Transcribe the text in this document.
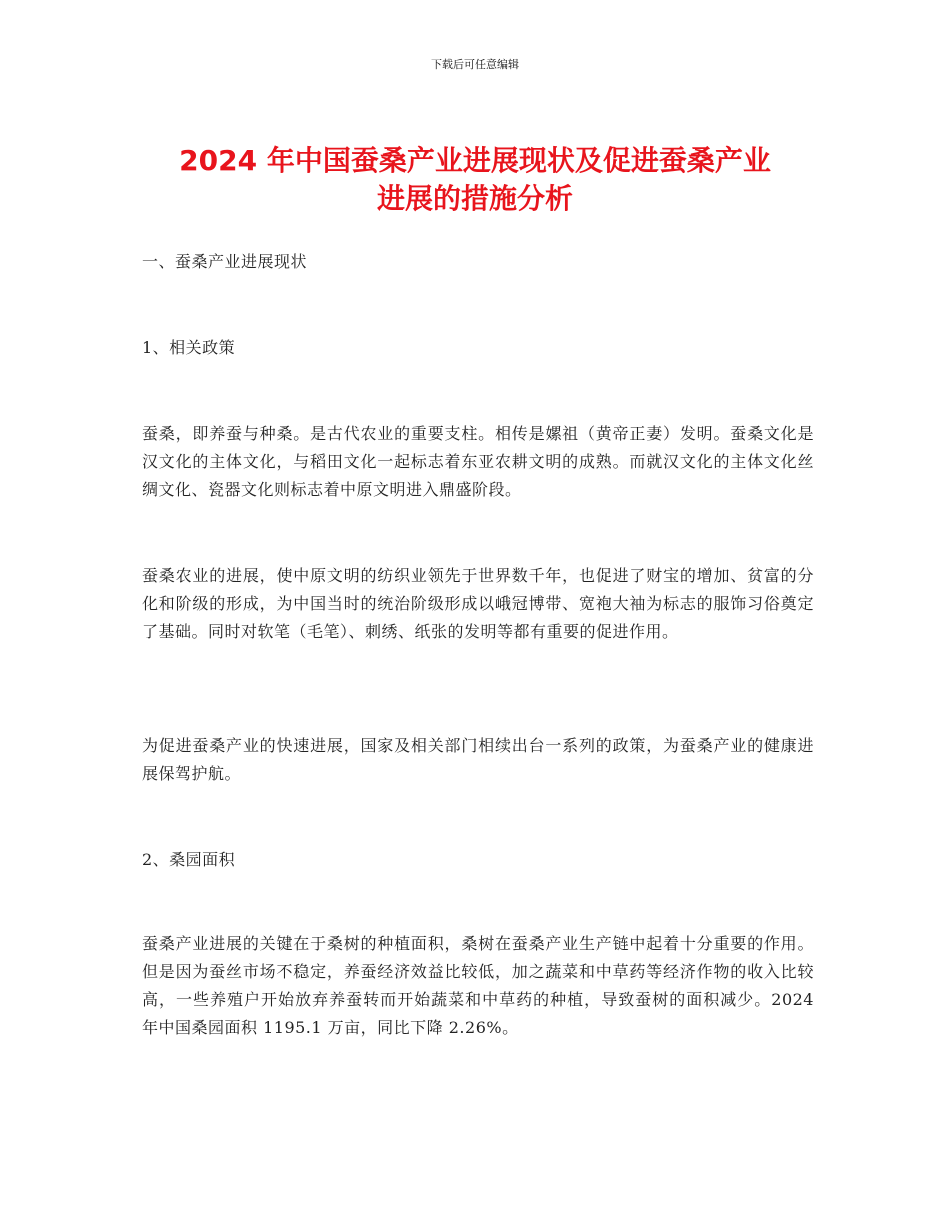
下载后可任意编辑
2024 年中国蚕桑产业进展现状及促进蚕桑产业
进展的措施分析

一、蚕桑产业进展现状

1、相关政策

蚕桑，即养蚕与种桑。是古代农业的重要支柱。相传是嫘祖（黄帝正妻）发明。蚕桑文化是汉文化的主体文化，与稻田文化一起标志着东亚农耕文明的成熟。而就汉文化的主体文化丝绸文化、瓷器文化则标志着中原文明进入鼎盛阶段。

蚕桑农业的进展，使中原文明的纺织业领先于世界数千年，也促进了财宝的增加、贫富的分化和阶级的形成，为中国当时的统治阶级形成以峨冠博带、宽袍大袖为标志的服饰习俗奠定了基础。同时对软笔（毛笔）、刺绣、纸张的发明等都有重要的促进作用。

为促进蚕桑产业的快速进展，国家及相关部门相续出台一系列的政策，为蚕桑产业的健康进展保驾护航。

2、桑园面积

蚕桑产业进展的关键在于桑树的种植面积，桑树在蚕桑产业生产链中起着十分重要的作用。但是因为蚕丝市场不稳定，养蚕经济效益比较低，加之蔬菜和中草药等经济作物的收入比较高，一些养殖户开始放弃养蚕转而开始蔬菜和中草药的种植，导致蚕树的面积减少。2024 年中国桑园面积 1195.1 万亩，同比下降 2.26%。
